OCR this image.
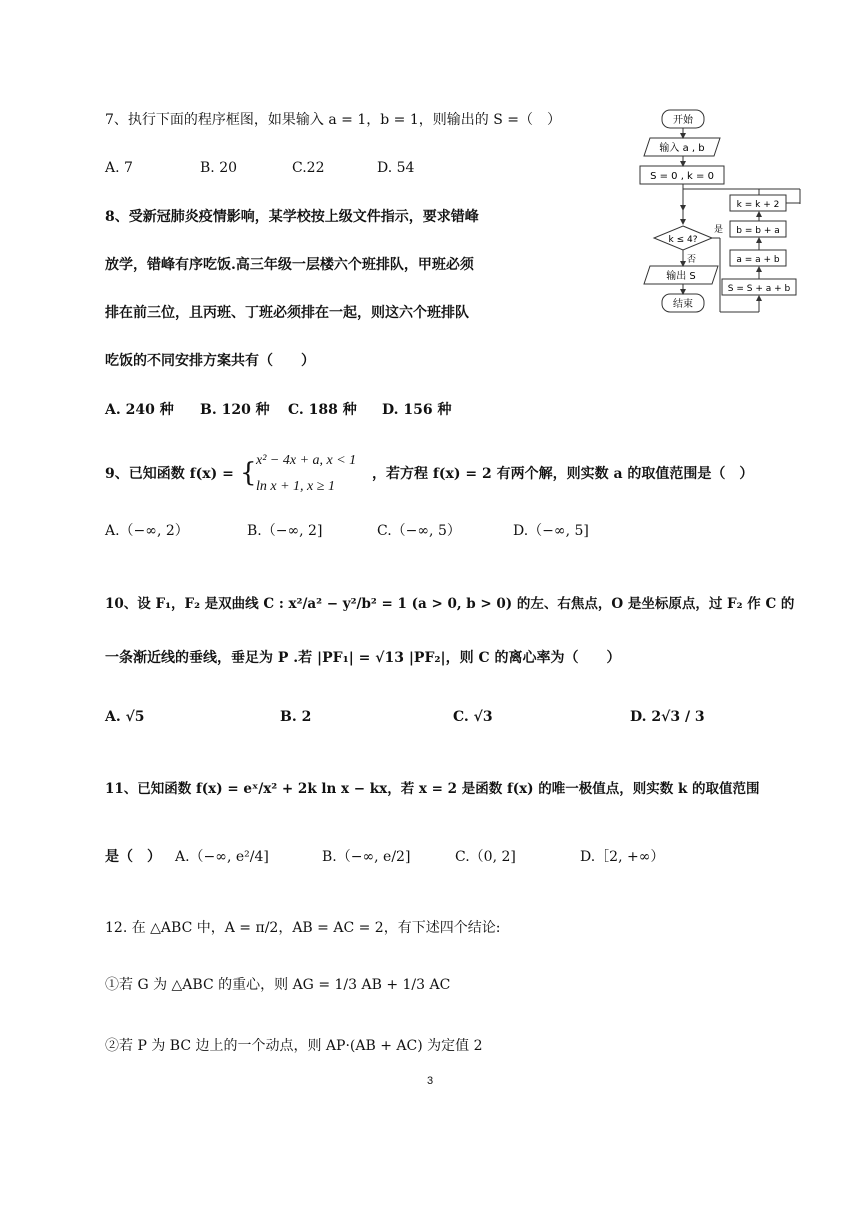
7、执行下面的程序框图，如果输入 a = 1，b = 1，则输出的 S =（　）
A. 7	B. 20	C.22	D. 54
开始
输入 a , b
S = 0 , k = 0
k ≤ 4?
是
否
输出 S
结束
k = k + 2
b = b + a
a = a + b
S = S + a + b
8、受新冠肺炎疫情影响，某学校按上级文件指示，要求错峰
放学，错峰有序吃饭.高三年级一层楼六个班排队，甲班必须
排在前三位，且丙班、丁班必须排在一起，则这六个班排队
吃饭的不同安排方案共有（　　）
A. 240 种 B. 120 种 C. 188 种 D. 156 种
9、已知函数 f(x) = { x² − 4x + a, x < 1
ln x + 1, x ≥ 1
，若方程 f(x) = 2 有两个解，则实数 a 的取值范围是（　）
A.（−∞, 2）	B.（−∞, 2]	C.（−∞, 5）	D.（−∞, 5]
10、设 F₁，F₂ 是双曲线 C : x²/a² − y²/b² = 1 (a > 0, b > 0) 的左、右焦点，O 是坐标原点，过 F₂ 作 C 的
一条渐近线的垂线，垂足为 P .若 |PF₁| = √13 |PF₂|，则 C 的离心率为（　　）
A. √5	B. 2	C. √3	D. 2√3 / 3
11、已知函数 f(x) = eˣ/x² + 2k ln x − kx，若 x = 2 是函数 f(x) 的唯一极值点，则实数 k 的取值范围
是（　） A.（−∞, e²/4]	B.（−∞, e/2]	C.（0, 2]	D.［2, +∞）
12. 在 △ABC 中，A = π/2，AB = AC = 2，有下述四个结论:
①若 G 为 △ABC 的重心，则 AG = 1/3 AB + 1/3 AC
②若 P 为 BC 边上的一个动点，则 AP·(AB + AC) 为定值 2
3
